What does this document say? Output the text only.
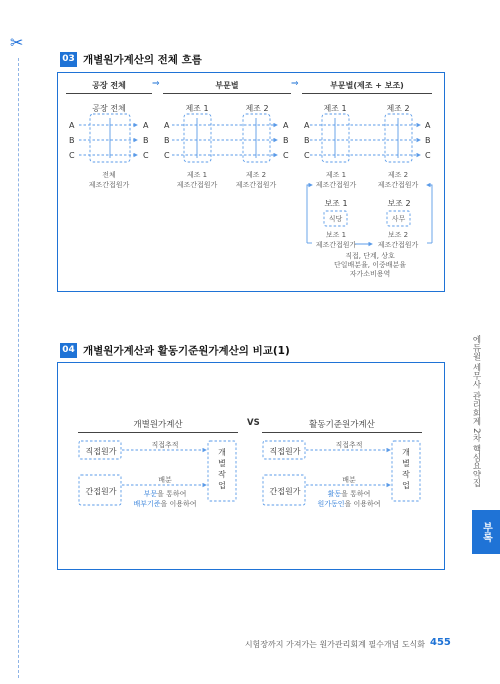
✂
03 개별원가계산의 전체 흐름
공장 전체	⇒	부문별	⇒	부문별(제조 + 보조)
공장 전체
A
B
C
A
B
C
전체
제조간접원가
제조 1	제조 2
A
B
C
A
B
C
제조 1
제조간접원가
제조 2
제조간접원가
제조 1	제조 2
A
B
C
A
B
C
제조 1
제조간접원가
제조 2
제조간접원가
보조 1	보조 2
식당	사무
보조 1
제조간접원가
보조 2
제조간접원가
직접, 단계, 상호
단일배분율, 이중배분율
자가소비용역
04 개별원가계산과 활동기준원가계산의 비교(1)
개별원가계산	VS
직접원가
간접원가
직접추적
배분
부문을 통하여
배부기준을 이용하여
개별작업
활동기준원가계산
직접원가
간접원가
직접추적
배분
활동을 통하여
원가동인을 이용하여
개별작업	에듀윌 세무사 관리회계 2차 핵심요약집
부록
시험장까지 가져가는 원가관리회계 필수개념 도식화 455
